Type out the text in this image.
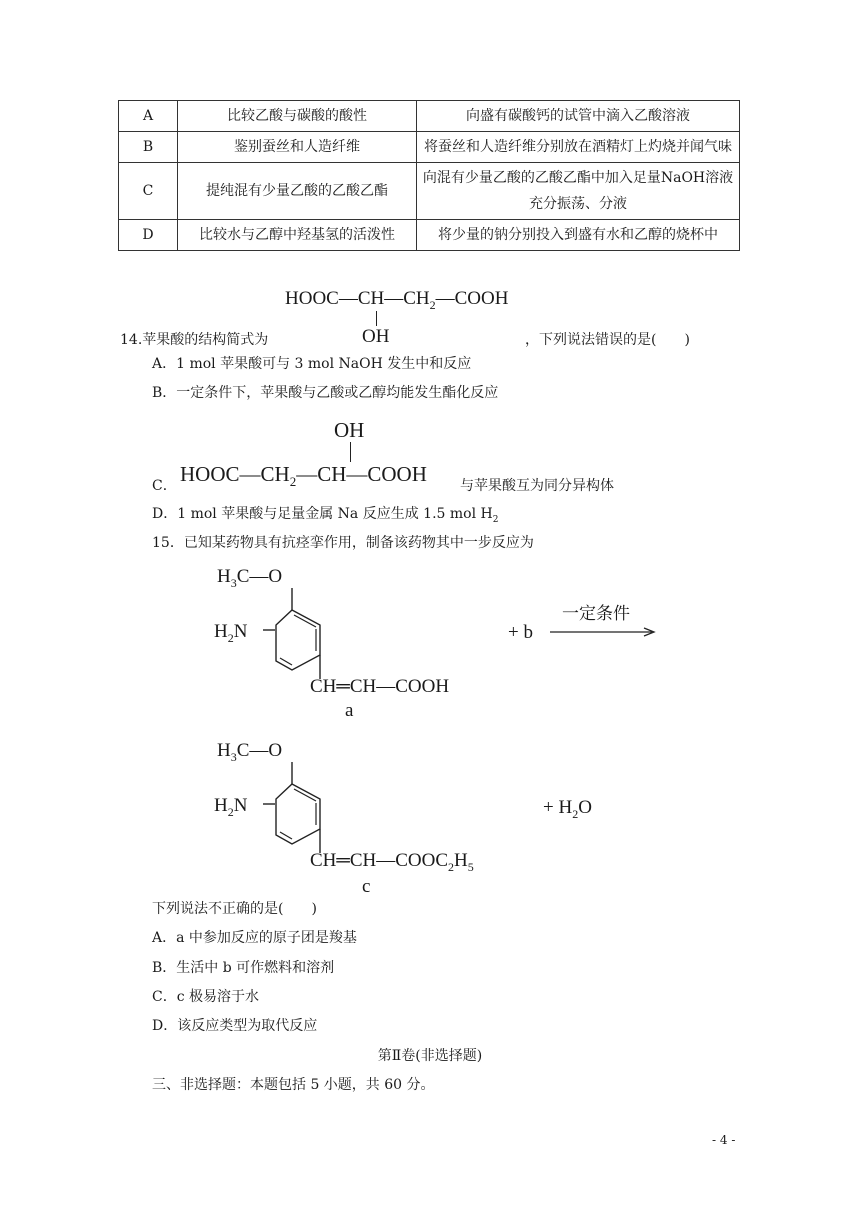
A	比较乙酸与碳酸的酸性	向盛有碳酸钙的试管中滴入乙酸溶液
B	鉴别蚕丝和人造纤维	将蚕丝和人造纤维分别放在酒精灯上灼烧并闻气味
C	提纯混有少量乙酸的乙酸乙酯	向混有少量乙酸的乙酸乙酯中加入足量NaOH溶液充分振荡、分液
D	比较水与乙醇中羟基氢的活泼性	将少量的钠分别投入到盛有水和乙醇的烧杯中
$HOOC—CH—CH_2—COOH$
OH
14.苹果酸的结构简式为	，下列说法错误的是(　　)
A．1 mol 苹果酸可与 3 mol NaOH 发生中和反应
B．一定条件下，苹果酸与乙酸或乙醇均能发生酯化反应
OH
C． $HOOC—CH_2—CH—COOH$ 与苹果酸互为同分异构体
D．1 mol 苹果酸与足量金属 Na 反应生成 1.5 mol $H_2$
15．已知某药物具有抗痉挛作用，制备该药物其中一步反应为
$H_3C—O$
$H_2N$
CH═CH—COOH
a
+ b
一定条件
$H_3C—O$
$H_2N$
$CH═CH—COOC_2H_5$
c
+ $H_2O$
下列说法不正确的是(　　)
A．a 中参加反应的原子团是羧基
B．生活中 b 可作燃料和溶剂
C．c 极易溶于水
D．该反应类型为取代反应
第Ⅱ卷(非选择题)
三、非选择题：本题包括 5 小题，共 60 分。
- 4 -
